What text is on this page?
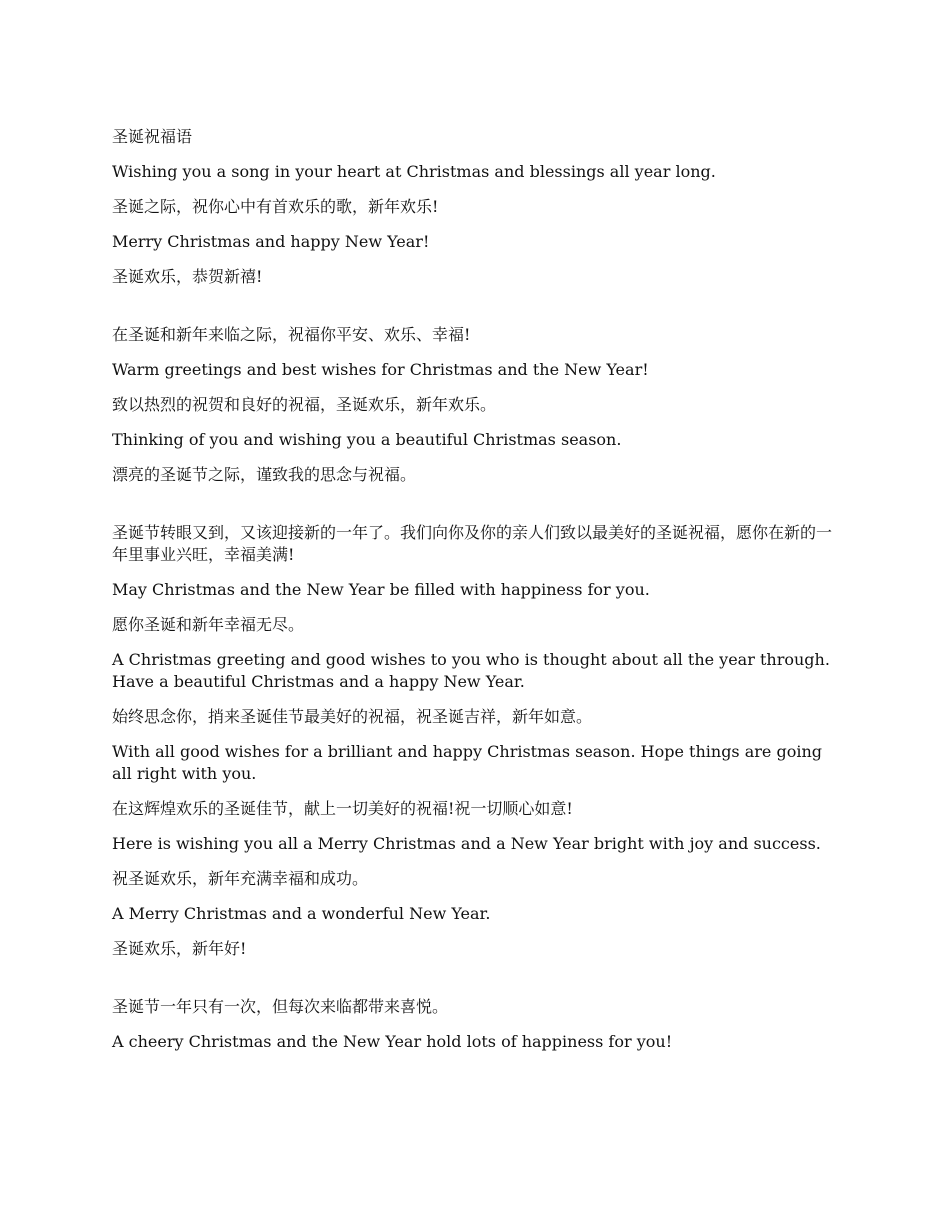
圣诞祝福语

Wishing you a song in your heart at Christmas and blessings all year long.

圣诞之际，祝你心中有首欢乐的歌，新年欢乐!

Merry Christmas and happy New Year!

圣诞欢乐，恭贺新禧!

在圣诞和新年来临之际，祝福你平安、欢乐、幸福!

Warm greetings and best wishes for Christmas and the New Year!

致以热烈的祝贺和良好的祝福，圣诞欢乐，新年欢乐。

Thinking of you and wishing you a beautiful Christmas season.

漂亮的圣诞节之际，谨致我的思念与祝福。

圣诞节转眼又到，又该迎接新的一年了。我们向你及你的亲人们致以最美好的圣诞祝福，愿你在新的一年里事业兴旺，幸福美满!

May Christmas and the New Year be filled with happiness for you.

愿你圣诞和新年幸福无尽。

A Christmas greeting and good wishes to you who is thought about all the year through. Have a beautiful Christmas and a happy New Year.

始终思念你，捎来圣诞佳节最美好的祝福，祝圣诞吉祥，新年如意。

With all good wishes for a brilliant and happy Christmas season. Hope things are going all right with you.

在这辉煌欢乐的圣诞佳节，献上一切美好的祝福!祝一切顺心如意!

Here is wishing you all a Merry Christmas and a New Year bright with joy and success.

祝圣诞欢乐，新年充满幸福和成功。

A Merry Christmas and a wonderful New Year.

圣诞欢乐，新年好!

圣诞节一年只有一次，但每次来临都带来喜悦。

A cheery Christmas and the New Year hold lots of happiness for you!
